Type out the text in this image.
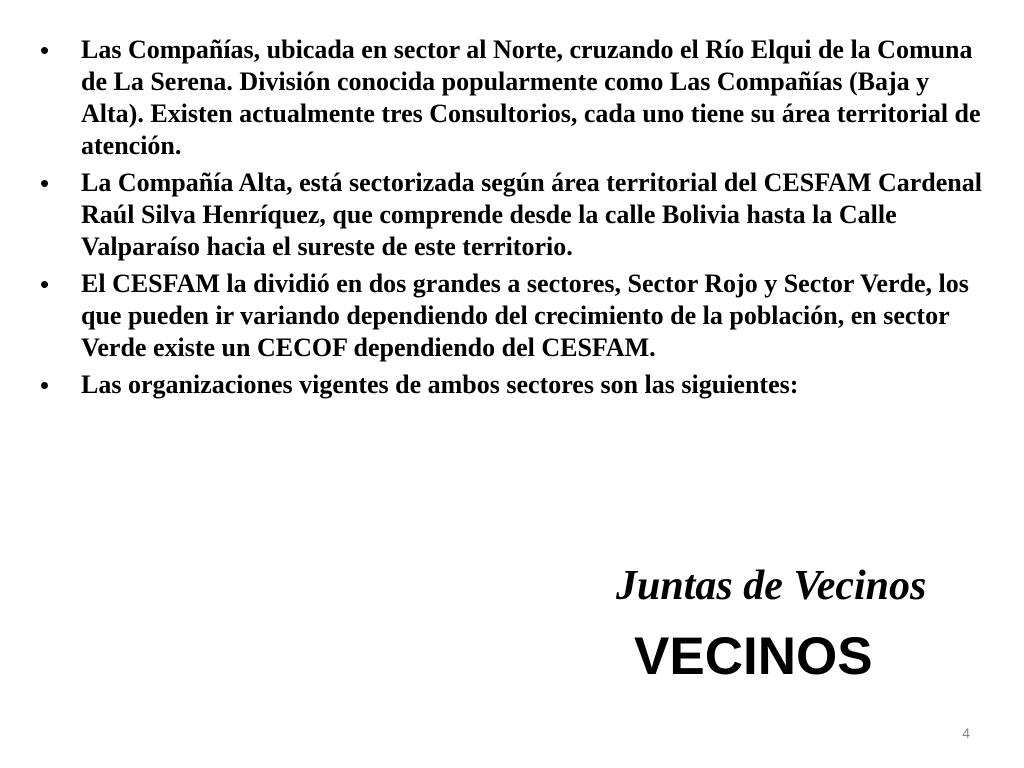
• Las Compañías, ubicada en sector al Norte, cruzando el Río Elqui de la Comuna de La Serena. División conocida popularmente como Las Compañías (Baja y Alta). Existen actualmente tres Consultorios, cada uno tiene su área territorial de atención.
• La Compañía Alta, está sectorizada según área territorial del CESFAM Cardenal Raúl Silva Henríquez, que comprende desde la calle Bolivia hasta la Calle Valparaíso hacia el sureste de este territorio.
• El CESFAM la dividió en dos grandes a sectores, Sector Rojo y Sector Verde, los que pueden ir variando dependiendo del crecimiento de la población, en sector Verde existe un CECOF dependiendo del CESFAM.
• Las organizaciones vigentes de ambos sectores son las siguientes:
Juntas de Vecinos
VECINOS
4
